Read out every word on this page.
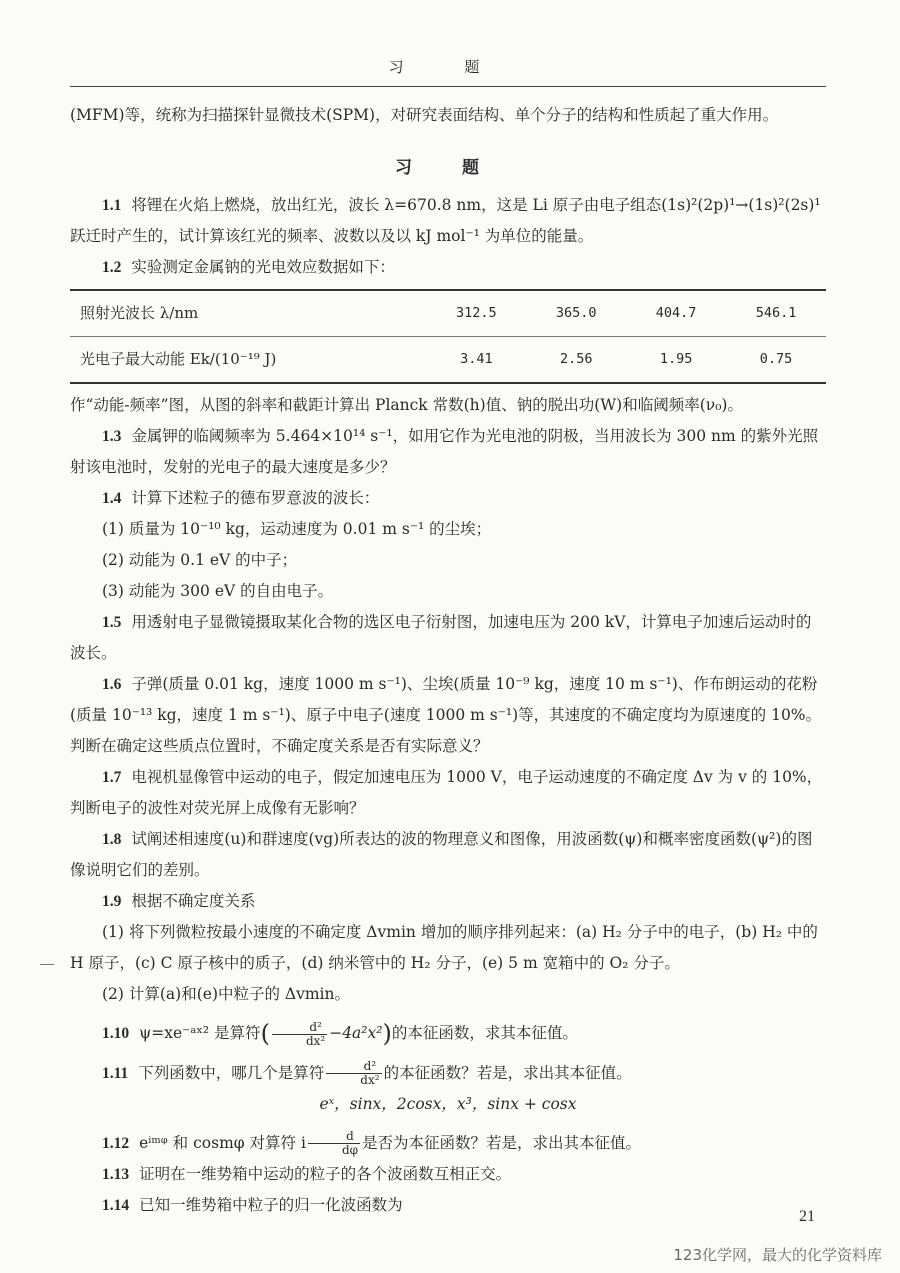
习 题

(MFM)等，统称为扫描探针显微技术(SPM)，对研究表面结构、单个分子的结构和性质起了重大作用。

习 题

1.1 将锂在火焰上燃烧，放出红光，波长 λ=670.8 nm，这是 Li 原子由电子组态(1s)²(2p)¹→(1s)²(2s)¹ 跃迁时产生的，试计算该红光的频率、波数以及以 kJ mol⁻¹ 为单位的能量。

1.2 实验测定金属钠的光电效应数据如下：

照射光波长 λ/nm	312.5	365.0	404.7	546.1
光电子最大动能 Ek/(10⁻¹⁹ J)	3.41	2.56	1.95	0.75

作“动能-频率”图，从图的斜率和截距计算出 Planck 常数(h)值、钠的脱出功(W)和临阈频率(ν₀)。

1.3 金属钾的临阈频率为 5.464×10¹⁴ s⁻¹，如用它作为光电池的阴极，当用波长为 300 nm 的紫外光照射该电池时，发射的光电子的最大速度是多少？

1.4 计算下述粒子的德布罗意波的波长：

(1) 质量为 10⁻¹⁰ kg，运动速度为 0.01 m s⁻¹ 的尘埃；

(2) 动能为 0.1 eV 的中子；

(3) 动能为 300 eV 的自由电子。

1.5 用透射电子显微镜摄取某化合物的选区电子衍射图，加速电压为 200 kV，计算电子加速后运动时的波长。

1.6 子弹(质量 0.01 kg，速度 1000 m s⁻¹)、尘埃(质量 10⁻⁹ kg，速度 10 m s⁻¹)、作布朗运动的花粉(质量 10⁻¹³ kg，速度 1 m s⁻¹)、原子中电子(速度 1000 m s⁻¹)等，其速度的不确定度均为原速度的 10%。判断在确定这些质点位置时，不确定度关系是否有实际意义？

1.7 电视机显像管中运动的电子，假定加速电压为 1000 V，电子运动速度的不确定度 Δv 为 v 的 10%，判断电子的波性对荧光屏上成像有无影响？

1.8 试阐述相速度(u)和群速度(vg)所表达的波的物理意义和图像，用波函数(ψ)和概率密度函数(ψ²)的图像说明它们的差别。

1.9 根据不确定度关系

(1) 将下列微粒按最小速度的不确定度 Δvmin 增加的顺序排列起来：(a) H₂ 分子中的电子，(b) H₂ 中的 H 原子，(c) C 原子核中的质子，(d) 纳米管中的 H₂ 分子，(e) 5 m 宽箱中的 O₂ 分子。

(2) 计算(a)和(e)中粒子的 Δvmin。

1.10 ψ=xe⁻ᵃˣ² 是算符( $\frac{\text{d²}}{\text{dx²}} -4a^2x^2$)的本征函数，求其本征值。

1.11 下列函数中，哪几个是算符 $\frac{\text{d²}}{\text{dx²}}$ 的本征函数？若是，求出其本征值。

eˣ，sinx，2cosx，x³，sinx + cosx

1.12 eⁱᵐᵠ 和 cosmφ 对算符 i $\frac{d}{d\varphi}$ 是否为本征函数？若是，求出其本征值。

1.13 证明在一维势箱中运动的粒子的各个波函数互相正交。

1.14 已知一维势箱中粒子的归一化波函数为

21
123化学网，最大的化学资料库
